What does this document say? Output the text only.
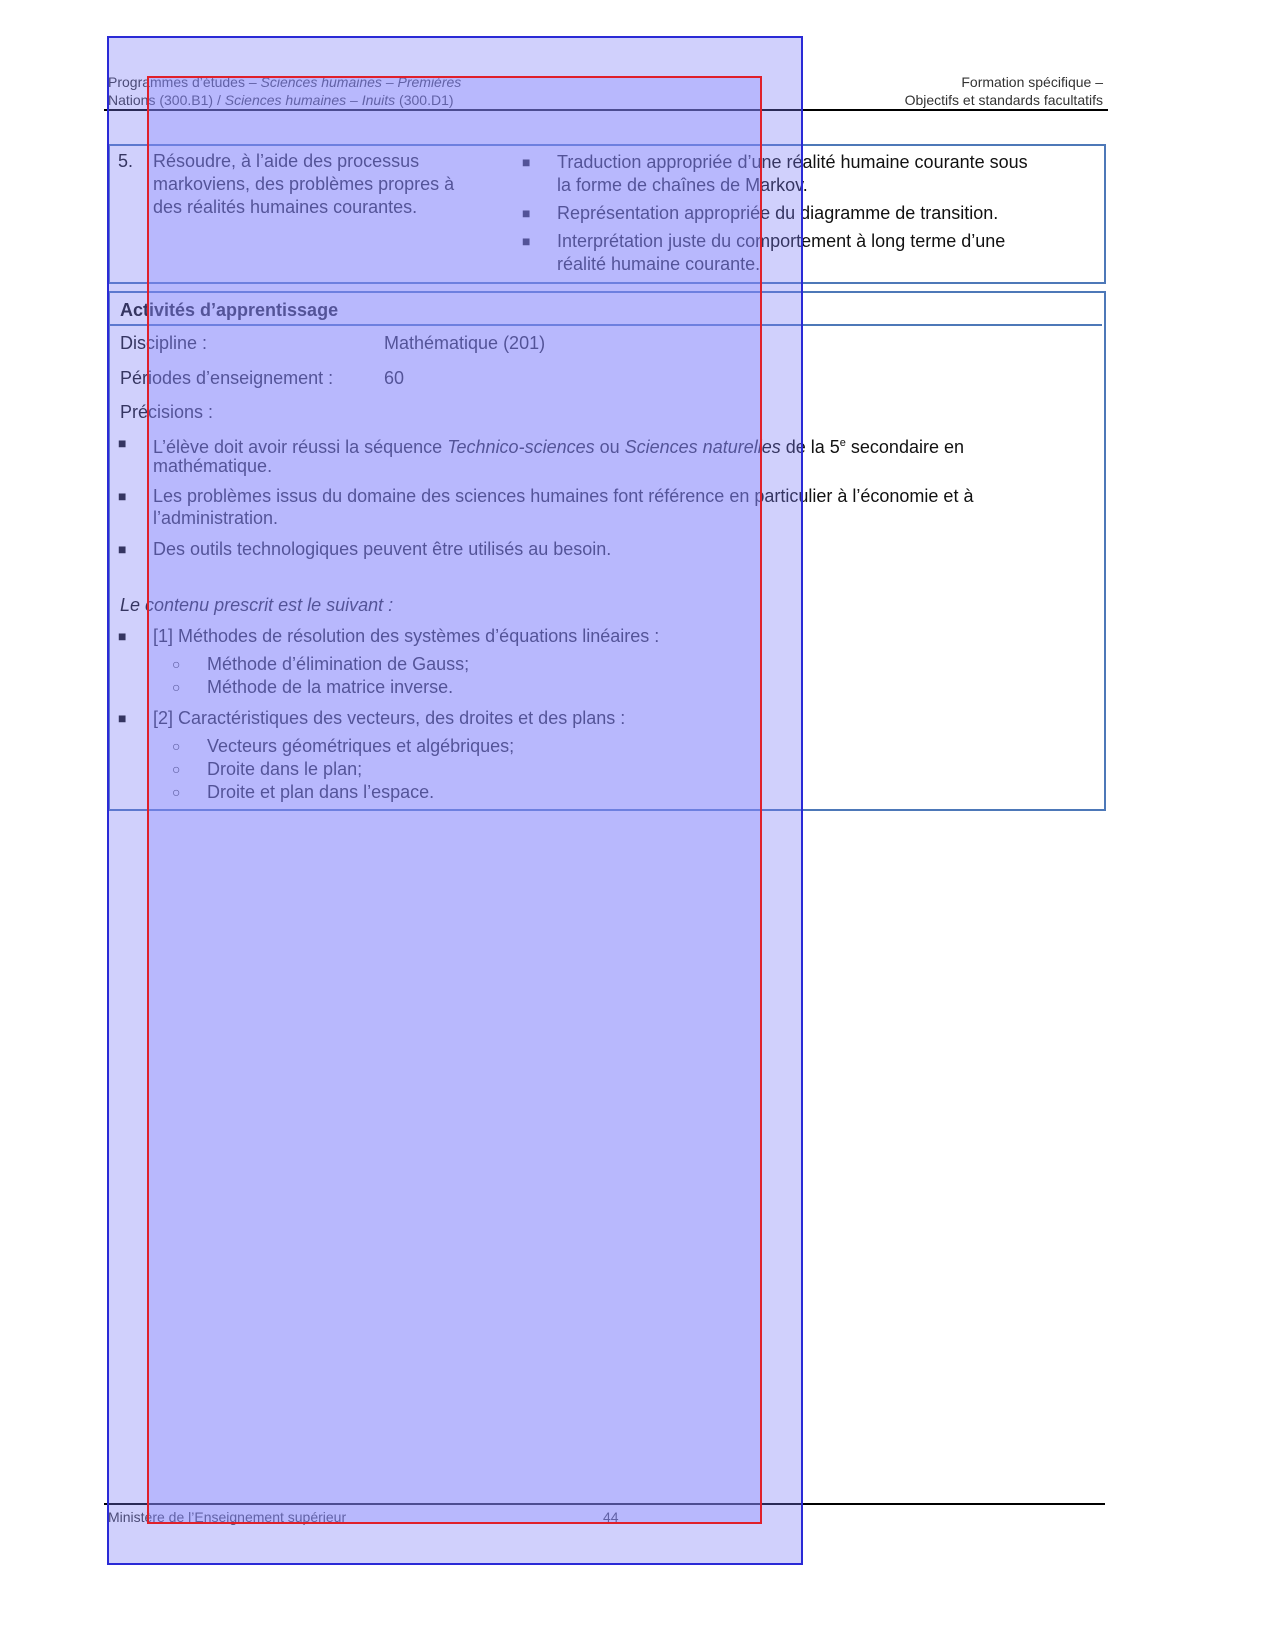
Programmes d’études – Sciences humaines – Premières
Nations (300.B1) / Sciences humaines – Inuits (300.D1)
Formation spécifique –
Objectifs et standards facultatifs
5. Résoudre, à l’aide des processus
markoviens, des problèmes propres à
des réalités humaines courantes.
■ Traduction appropriée d’une réalité humaine courante sous
la forme de chaînes de Markov.
■ Représentation appropriée du diagramme de transition.
■ Interprétation juste du comportement à long terme d’une
réalité humaine courante.
Activités d’apprentissage
Discipline :	Mathématique (201)
Périodes d’enseignement :	60
Précisions :
■ L’élève doit avoir réussi la séquence Technico-sciences ou Sciences naturelles de la 5e secondaire en
mathématique.
■ Les problèmes issus du domaine des sciences humaines font référence en particulier à l’économie et à
l’administration.
■ Des outils technologiques peuvent être utilisés au besoin.
Le contenu prescrit est le suivant :
■ [1] Méthodes de résolution des systèmes d’équations linéaires :
○ Méthode d’élimination de Gauss;
○ Méthode de la matrice inverse.
■ [2] Caractéristiques des vecteurs, des droites et des plans :
○ Vecteurs géométriques et algébriques;
○ Droite dans le plan;
○ Droite et plan dans l’espace.
Ministère de l’Enseignement supérieur	44
